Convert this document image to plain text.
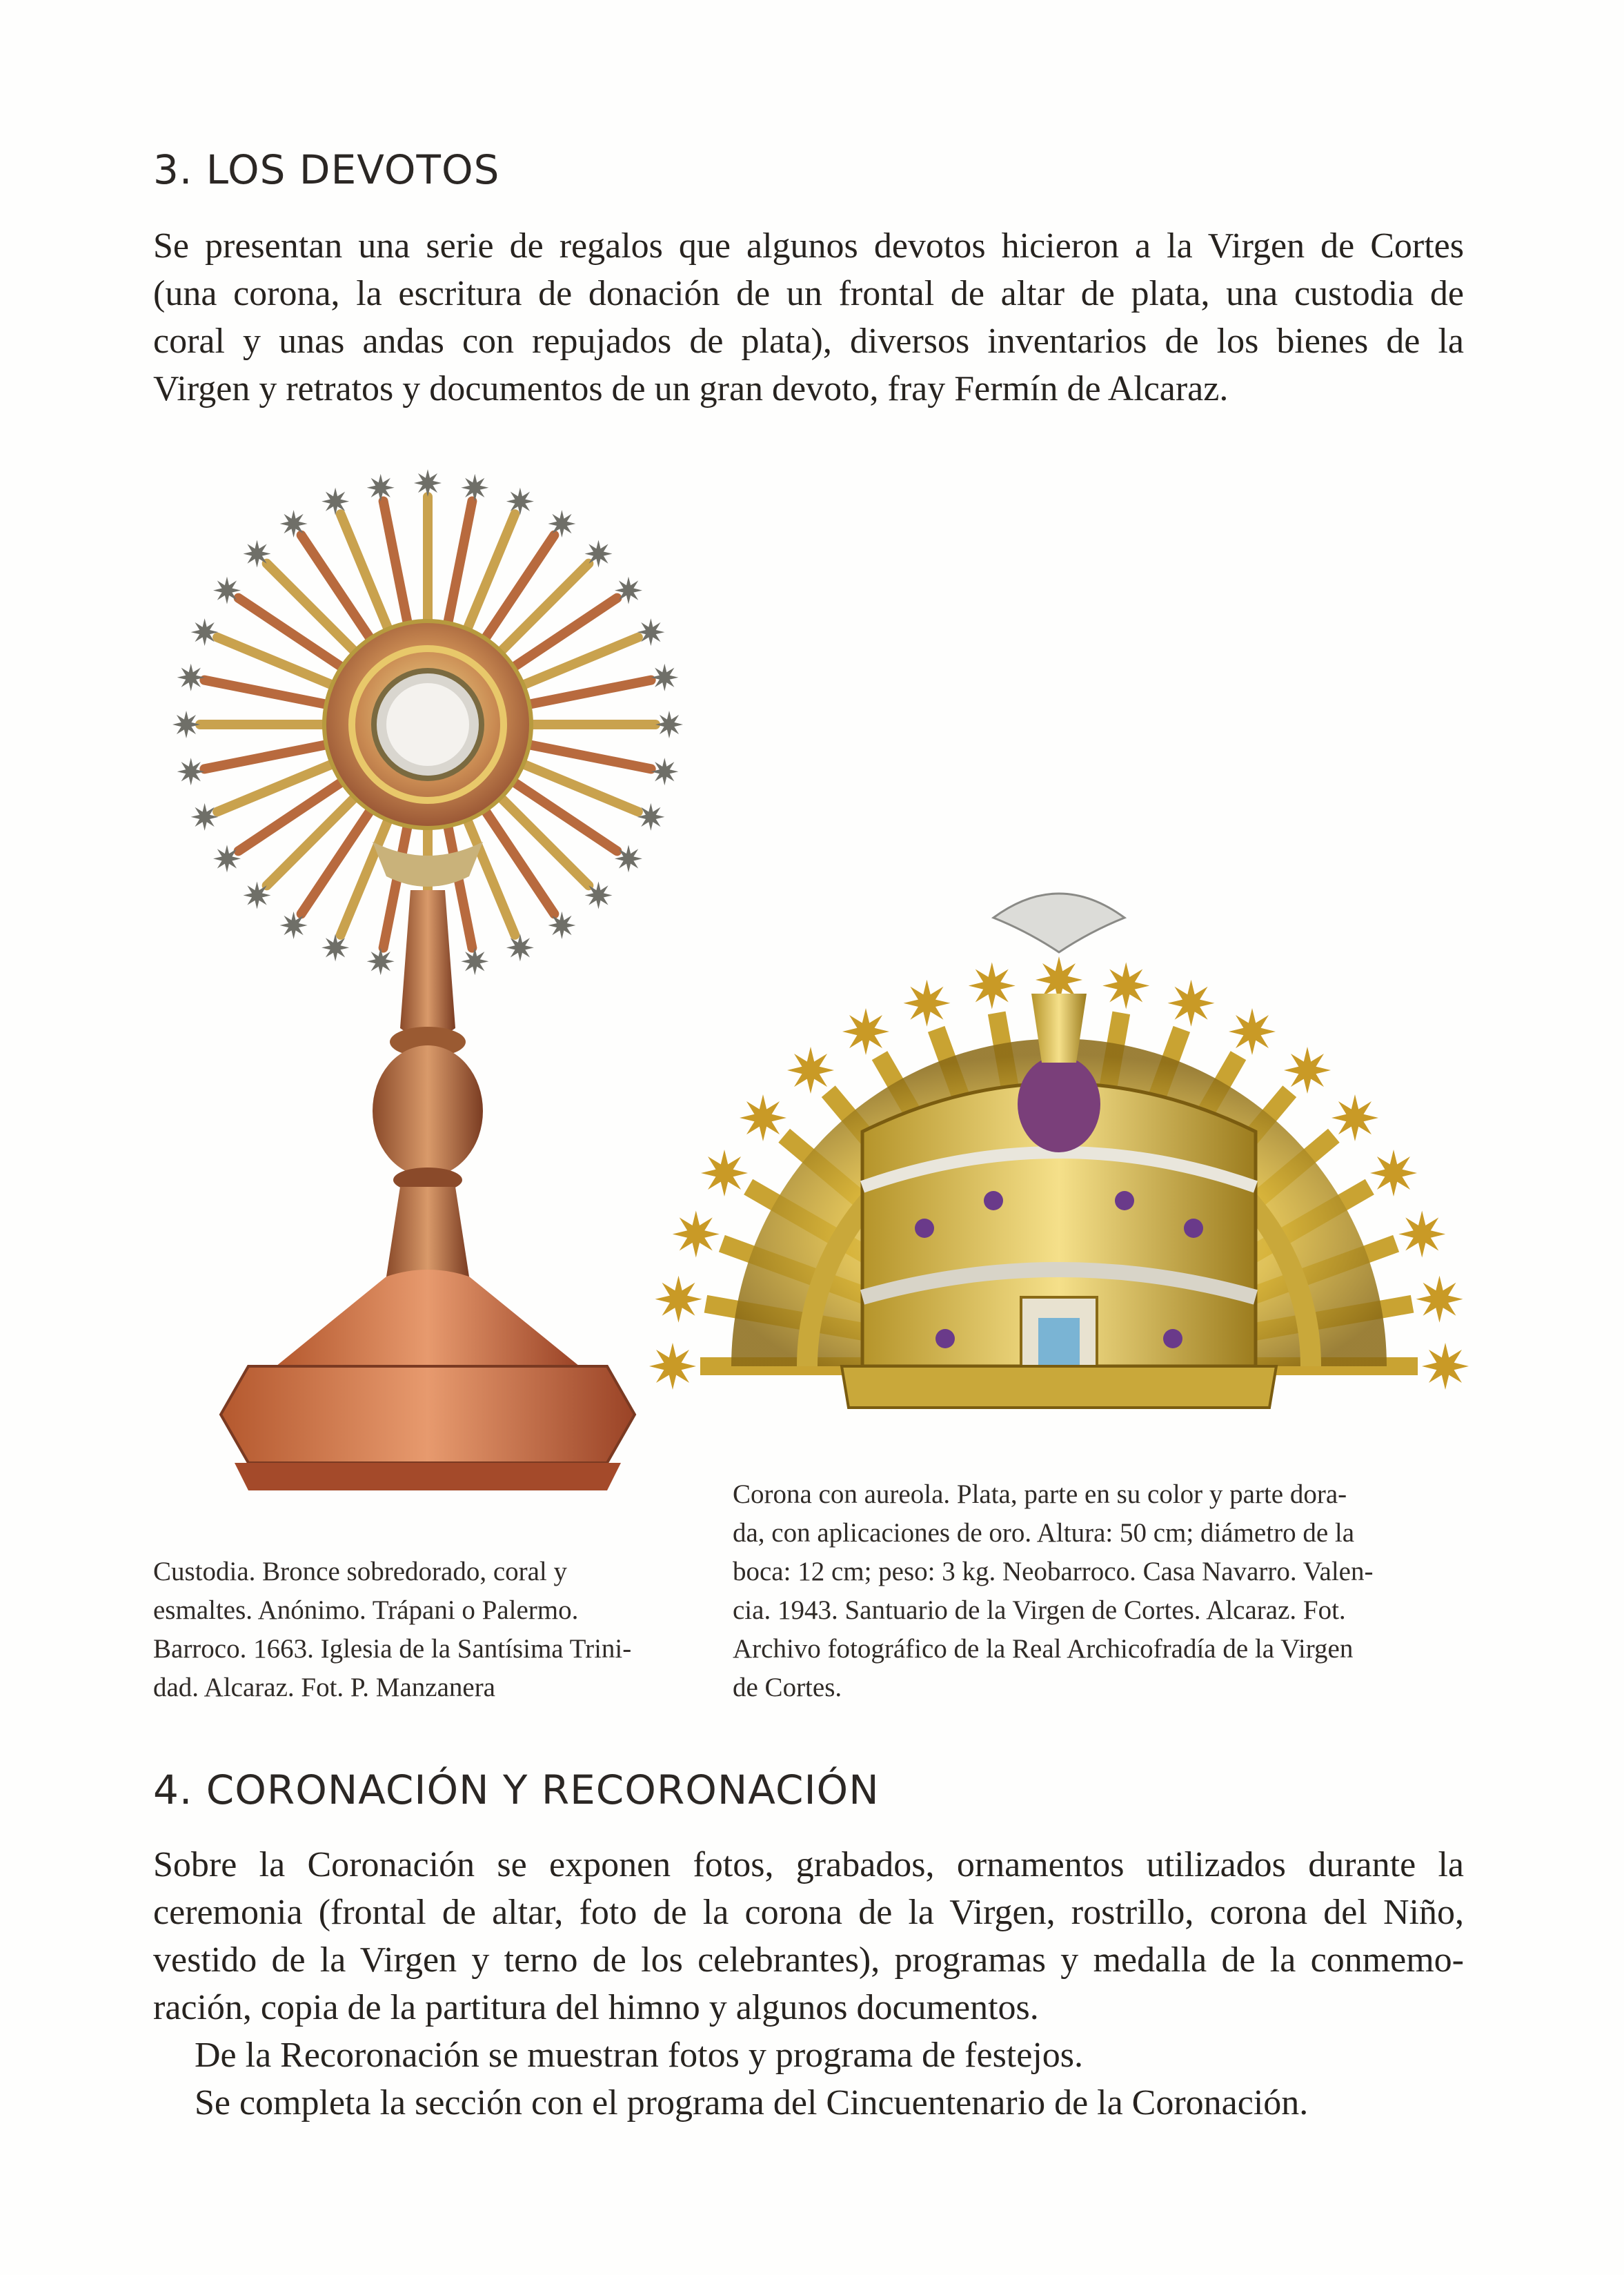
3. LOS DEVOTOS

Se presentan una serie de regalos que algunos devotos hicieron a la Virgen de Cortes
(una corona, la escritura de donación de un frontal de altar de plata, una custodia de
coral y unas andas con repujados de plata), diversos inventarios de los bienes de la
Virgen y retratos y documentos de un gran devoto, fray Fermín de Alcaraz.

Custodia. Bronce sobredorado, coral y
esmaltes. Anónimo. Trápani o Palermo.
Barroco. 1663. Iglesia de la Santísima Trini-
dad. Alcaraz. Fot. P. Manzanera

Corona con aureola. Plata, parte en su color y parte dora-
da, con aplicaciones de oro. Altura: 50 cm; diámetro de la
boca: 12 cm; peso: 3 kg. Neobarroco. Casa Navarro. Valen-
cia. 1943. Santuario de la Virgen de Cortes. Alcaraz. Fot.
Archivo fotográfico de la Real Archicofradía de la Virgen
de Cortes.

4. CORONACIÓN Y RECORONACIÓN

Sobre la Coronación se exponen fotos, grabados, ornamentos utilizados durante la
ceremonia (frontal de altar, foto de la corona de la Virgen, rostrillo, corona del Niño,
vestido de la Virgen y terno de los celebrantes), programas y medalla de la conmemo-
ración, copia de la partitura del himno y algunos documentos.
De la Recoronación se muestran fotos y programa de festejos.
Se completa la sección con el programa del Cincuentenario de la Coronación.
